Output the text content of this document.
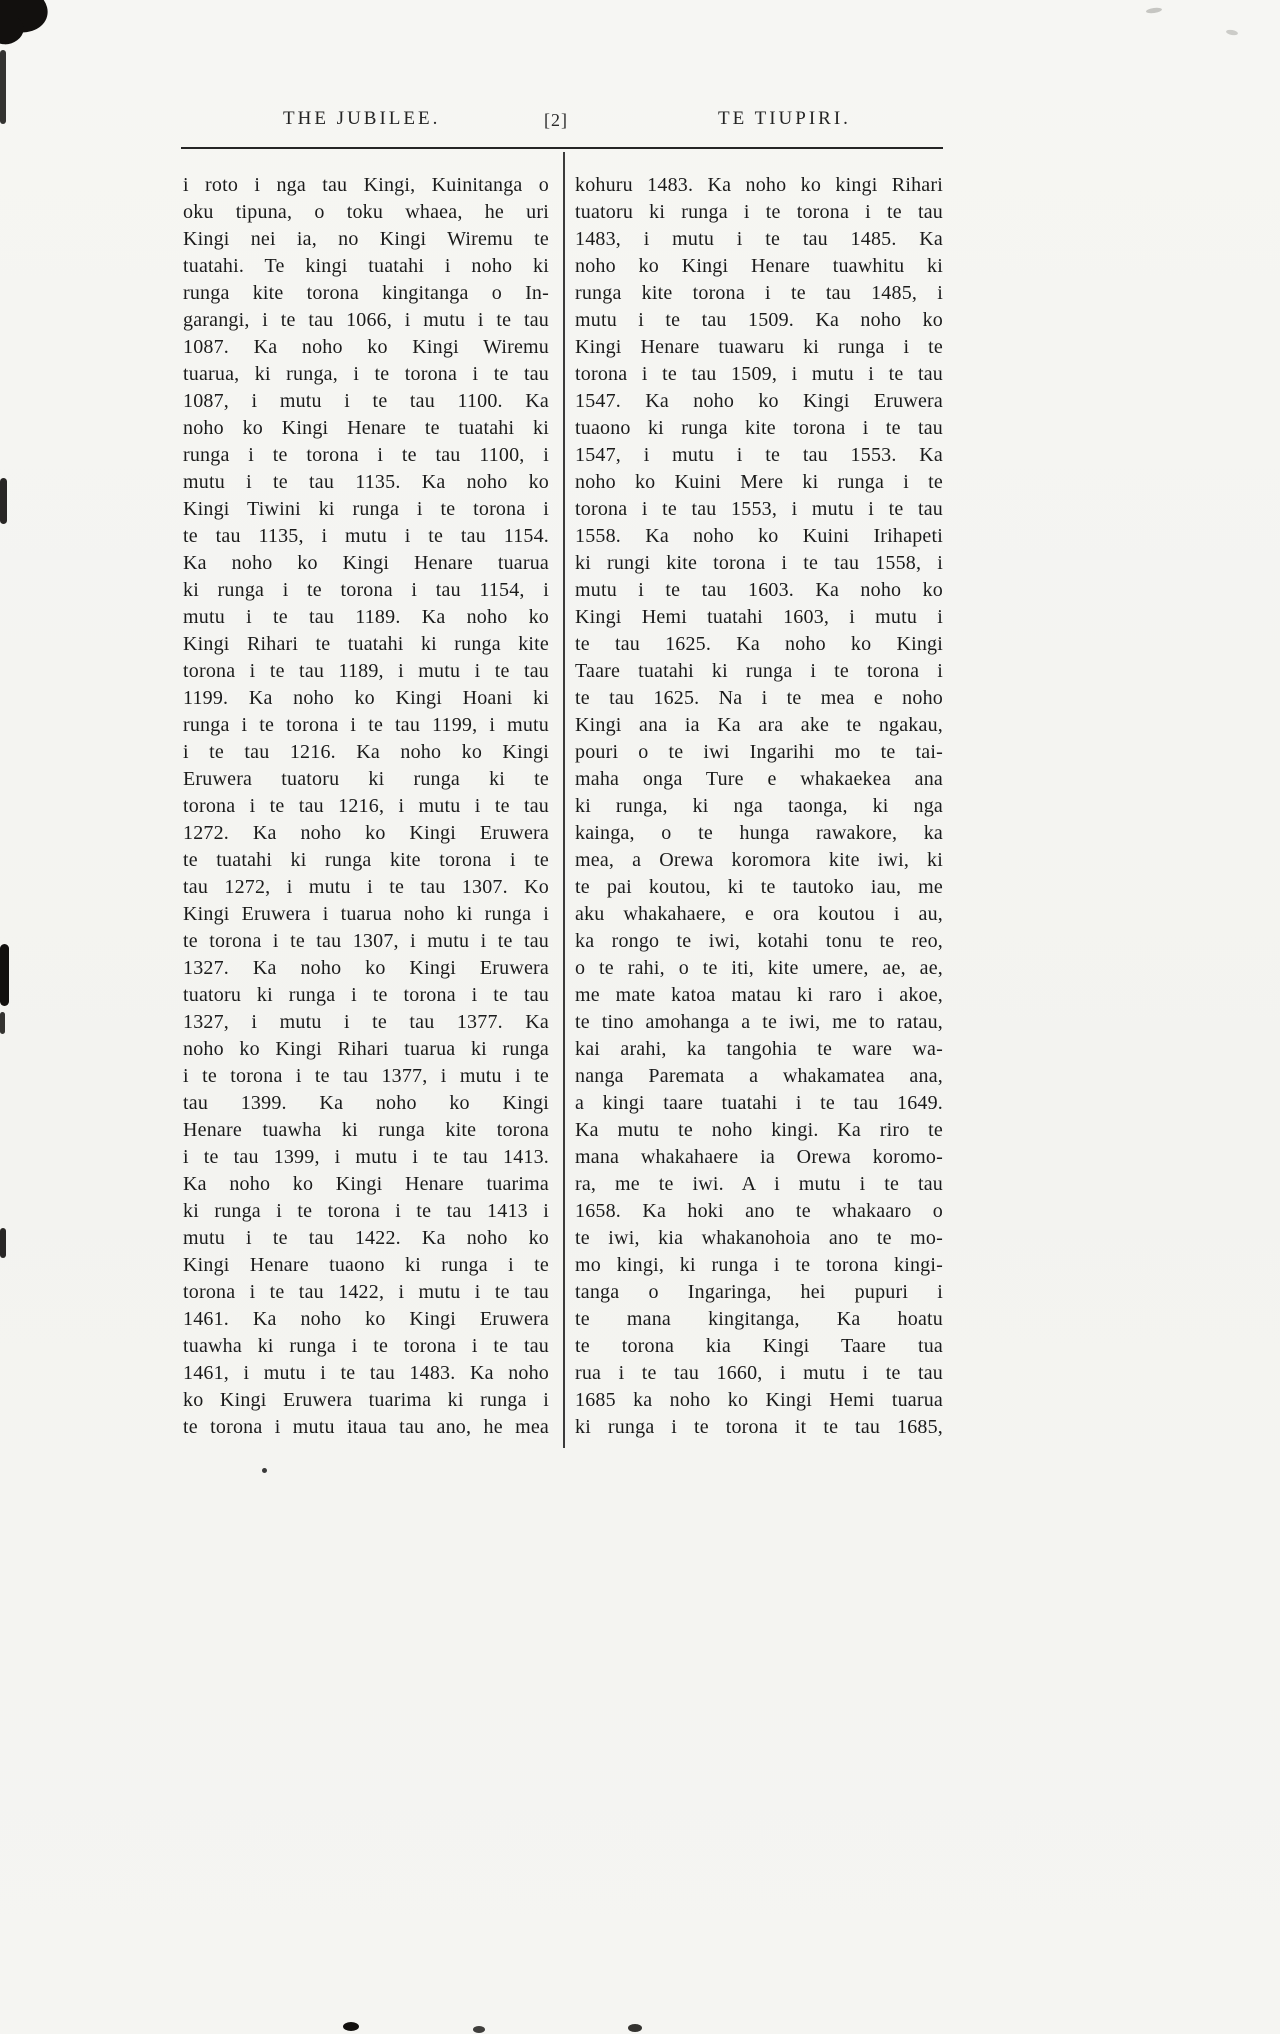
THE JUBILEE.	[2]	TE TIUPIRI.
i roto i nga tau Kingi, Kuinitanga o
oku tipuna, o toku whaea, he uri
Kingi nei ia, no Kingi Wiremu te
tuatahi. Te kingi tuatahi i noho ki
runga kite torona kingitanga o In-
garangi, i te tau 1066, i mutu i te tau
1087. Ka noho ko Kingi Wiremu
tuarua, ki runga, i te torona i te tau
1087, i mutu i te tau 1100. Ka
noho ko Kingi Henare te tuatahi ki
runga i te torona i te tau 1100, i
mutu i te tau 1135. Ka noho ko
Kingi Tiwini ki runga i te torona i
te tau 1135, i mutu i te tau 1154.
Ka noho ko Kingi Henare tuarua
ki runga i te torona i tau 1154, i
mutu i te tau 1189. Ka noho ko
Kingi Rihari te tuatahi ki runga kite
torona i te tau 1189, i mutu i te tau
1199. Ka noho ko Kingi Hoani ki
runga i te torona i te tau 1199, i mutu
i te tau 1216. Ka noho ko Kingi
Eruwera tuatoru ki runga ki te
torona i te tau 1216, i mutu i te tau
1272. Ka noho ko Kingi Eruwera
te tuatahi ki runga kite torona i te
tau 1272, i mutu i te tau 1307. Ko
Kingi Eruwera i tuarua noho ki runga i
te torona i te tau 1307, i mutu i te tau
1327. Ka noho ko Kingi Eruwera
tuatoru ki runga i te torona i te tau
1327, i mutu i te tau 1377. Ka
noho ko Kingi Rihari tuarua ki runga
i te torona i te tau 1377, i mutu i te
tau 1399. Ka noho ko Kingi
Henare tuawha ki runga kite torona
i te tau 1399, i mutu i te tau 1413.
Ka noho ko Kingi Henare tuarima
ki runga i te torona i te tau 1413 i
mutu i te tau 1422. Ka noho ko
Kingi Henare tuaono ki runga i te
torona i te tau 1422, i mutu i te tau
1461. Ka noho ko Kingi Eruwera
tuawha ki runga i te torona i te tau
1461, i mutu i te tau 1483. Ka noho
ko Kingi Eruwera tuarima ki runga i
te torona i mutu itaua tau ano, he mea
kohuru 1483. Ka noho ko kingi Rihari
tuatoru ki runga i te torona i te tau
1483, i mutu i te tau 1485. Ka
noho ko Kingi Henare tuawhitu ki
runga kite torona i te tau 1485, i
mutu i te tau 1509. Ka noho ko
Kingi Henare tuawaru ki runga i te
torona i te tau 1509, i mutu i te tau
1547. Ka noho ko Kingi Eruwera
tuaono ki runga kite torona i te tau
1547, i mutu i te tau 1553. Ka
noho ko Kuini Mere ki runga i te
torona i te tau 1553, i mutu i te tau
1558. Ka noho ko Kuini Irihapeti
ki rungi kite torona i te tau 1558, i
mutu i te tau 1603. Ka noho ko
Kingi Hemi tuatahi 1603, i mutu i
te tau 1625. Ka noho ko Kingi
Taare tuatahi ki runga i te torona i
te tau 1625. Na i te mea e noho
Kingi ana ia Ka ara ake te ngakau,
pouri o te iwi Ingarihi mo te tai-
maha onga Ture e whakaekea ana
ki runga, ki nga taonga, ki nga
kainga, o te hunga rawakore, ka
mea, a Orewa koromora kite iwi, ki
te pai koutou, ki te tautoko iau, me
aku whakahaere, e ora koutou i au,
ka rongo te iwi, kotahi tonu te reo,
o te rahi, o te iti, kite umere, ae, ae,
me mate katoa matau ki raro i akoe,
te tino amohanga a te iwi, me to ratau,
kai arahi, ka tangohia te ware wa-
nanga Paremata a whakamatea ana,
a kingi taare tuatahi i te tau 1649.
Ka mutu te noho kingi. Ka riro te
mana whakahaere ia Orewa koromo-
ra, me te iwi. A i mutu i te tau
1658. Ka hoki ano te whakaaro o
te iwi, kia whakanohoia ano te mo-
mo kingi, ki runga i te torona kingi-
tanga o Ingaringa, hei pupuri i
te mana kingitanga, Ka hoatu
te torona kia Kingi Taare tua
rua i te tau 1660, i mutu i te tau
1685 ka noho ko Kingi Hemi tuarua
ki runga i te torona it te tau 1685,
